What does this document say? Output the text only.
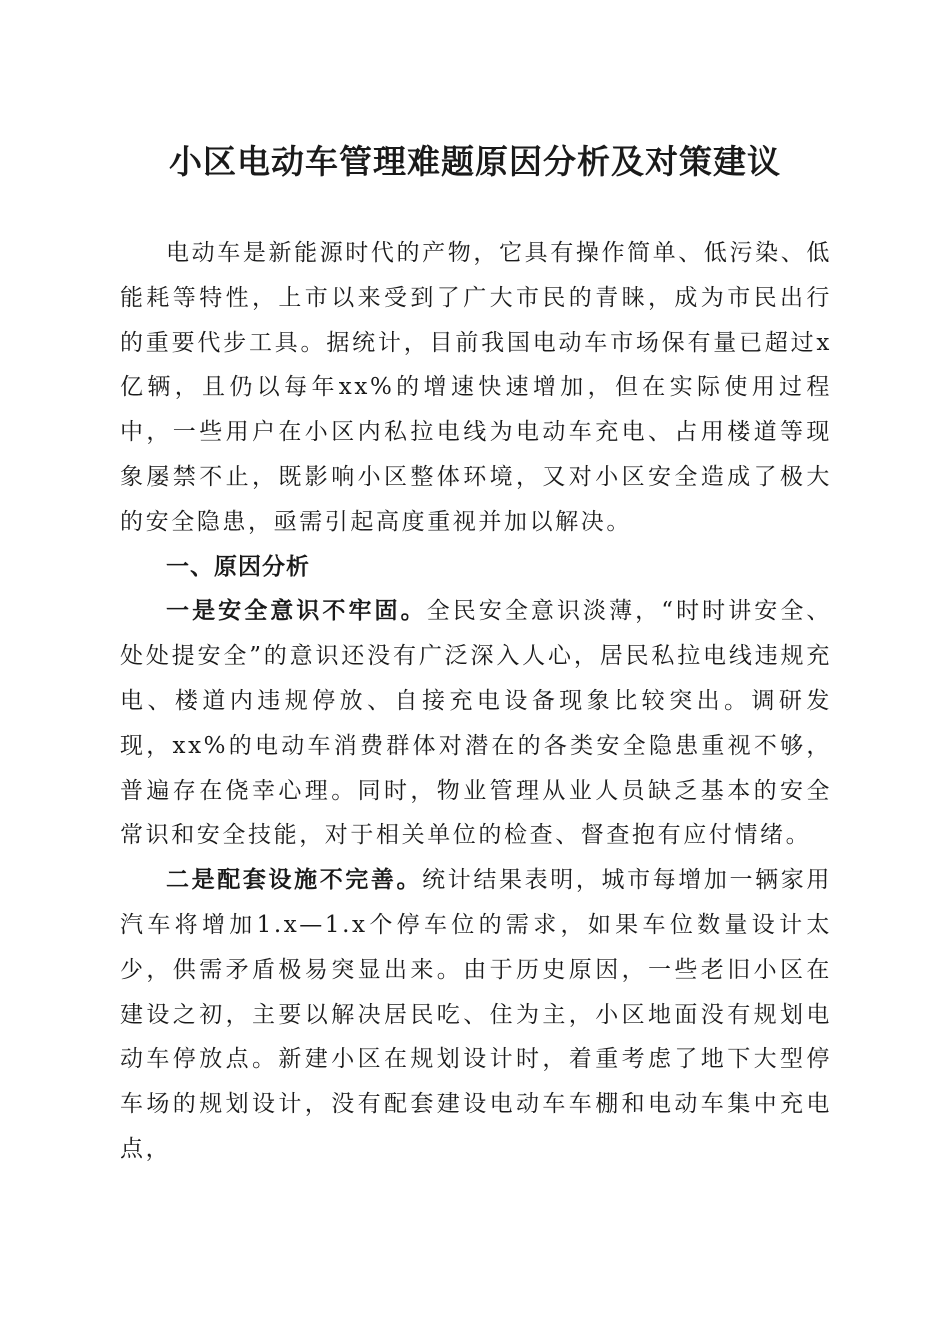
小区电动车管理难题原因分析及对策建议

电动车是新能源时代的产物，它具有操作简单、低污染、低能耗等特性，上市以来受到了广大市民的青睐，成为市民出行的重要代步工具。据统计，目前我国电动车市场保有量已超过x亿辆，且仍以每年xx%的增速快速增加，但在实际使用过程中，一些用户在小区内私拉电线为电动车充电、占用楼道等现象屡禁不止，既影响小区整体环境，又对小区安全造成了极大的安全隐患，亟需引起高度重视并加以解决。

一、原因分析

一是安全意识不牢固。全民安全意识淡薄，“时时讲安全、处处提安全”的意识还没有广泛深入人心，居民私拉电线违规充电、楼道内违规停放、自接充电设备现象比较突出。调研发现，xx%的电动车消费群体对潜在的各类安全隐患重视不够，普遍存在侥幸心理。同时，物业管理从业人员缺乏基本的安全常识和安全技能，对于相关单位的检查、督查抱有应付情绪。

二是配套设施不完善。统计结果表明，城市每增加一辆家用汽车将增加1.x—1.x个停车位的需求，如果车位数量设计太少，供需矛盾极易突显出来。由于历史原因，一些老旧小区在建设之初，主要以解决居民吃、住为主，小区地面没有规划电动车停放点。新建小区在规划设计时，着重考虑了地下大型停车场的规划设计，没有配套建设电动车车棚和电动车集中充电点，
